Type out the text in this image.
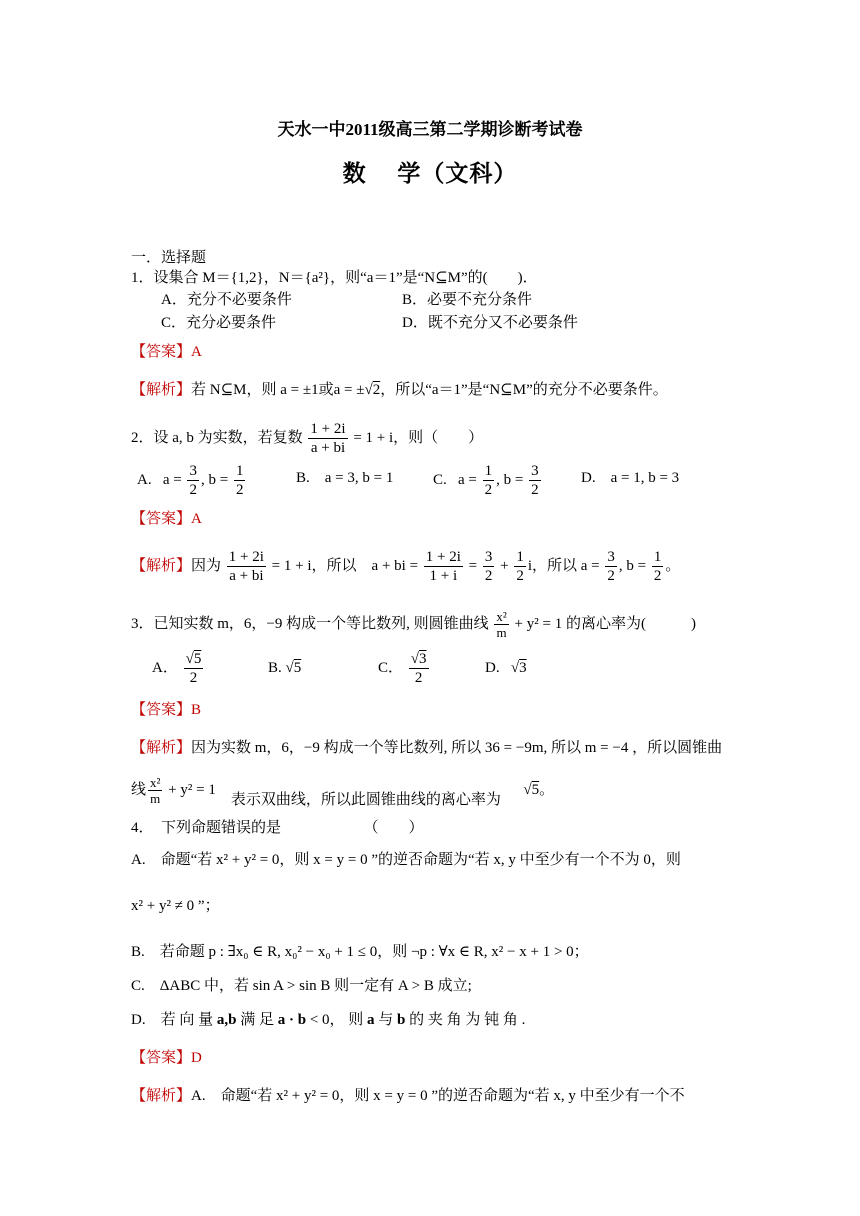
天水一中2011级高三第二学期诊断考试卷
数　 学（文科）
一．选择题
1．设集合 M＝{1,2}，N＝{a²}，则“a＝1”是“N⊆M”的(　　)．
A．充分不必要条件	B．必要不充分条件
C．充分必要条件	D．既不充分又不必要条件
【答案】A
【解析】若 N⊆M，则 a = ±1或a = ±√2，所以“a＝1”是“N⊆M”的充分不必要条件。
2．设 a, b 为实数，若复数 $\frac{1 + 2i}{a + bi} = 1 + i$，则（　　）
A. $a = \frac{3}{2}$ , $b = \frac{1}{2}$	B.　a = 3, b = 1	C. $a = \frac{1}{2}$ , $b = \frac{3}{2}$	D.　a = 1, b = 3
【答案】A
【解析】因为 $\frac{1 + 2i}{a + bi} = 1 + i$，所以 a + bi = $\frac{1 + 2i}{1 + i} = \frac{3}{2} + \frac{1}{2}$ i，所以 $a = \frac{3}{2}$ , $b = \frac{1}{2}$ 。
3．已知实数 m，6，−9 构成一个等比数列, 则圆锥曲线 $\frac{\text{x²}}{m} + y^2 = 1$ 的离心率为(　　　)
A． $\frac{√5}{2}$	B. √5	C． $\frac{√3}{2}$	D. √3
【答案】B
【解析】因为实数 m，6，−9 构成一个等比数列, 所以 36 = −9m, 所以 m = −4 ，所以圆锥曲
线 $\frac{\text{x²}}{m} + y^2 = 1$    表示双曲线，所以此圆锥曲线的离心率为      √5。
4．　下列命题错误的是　　　　　　（　　）
A.　命题“若 x² + y² = 0，则 x = y = 0 ”的逆否命题为“若 x, y 中至少有一个不为 0，则
x² + y² ≠ 0 ”；
B.　若命题 p : ∃x₀ ∈ R, x₀² − x₀ + 1 ≤ 0，则 ¬p : ∀x ∈ R, x² − x + 1 > 0；
C.　ΔABC 中，若 sin A > sin B 则一定有 A > B 成立;
D.　若 向 量 a,b 满 足 a · b < 0， 则 a 与 b 的 夹 角 为 钝 角 .
【答案】D
【解析】A.　命题“若 x² + y² = 0，则 x = y = 0 ”的逆否命题为“若 x, y 中至少有一个不
